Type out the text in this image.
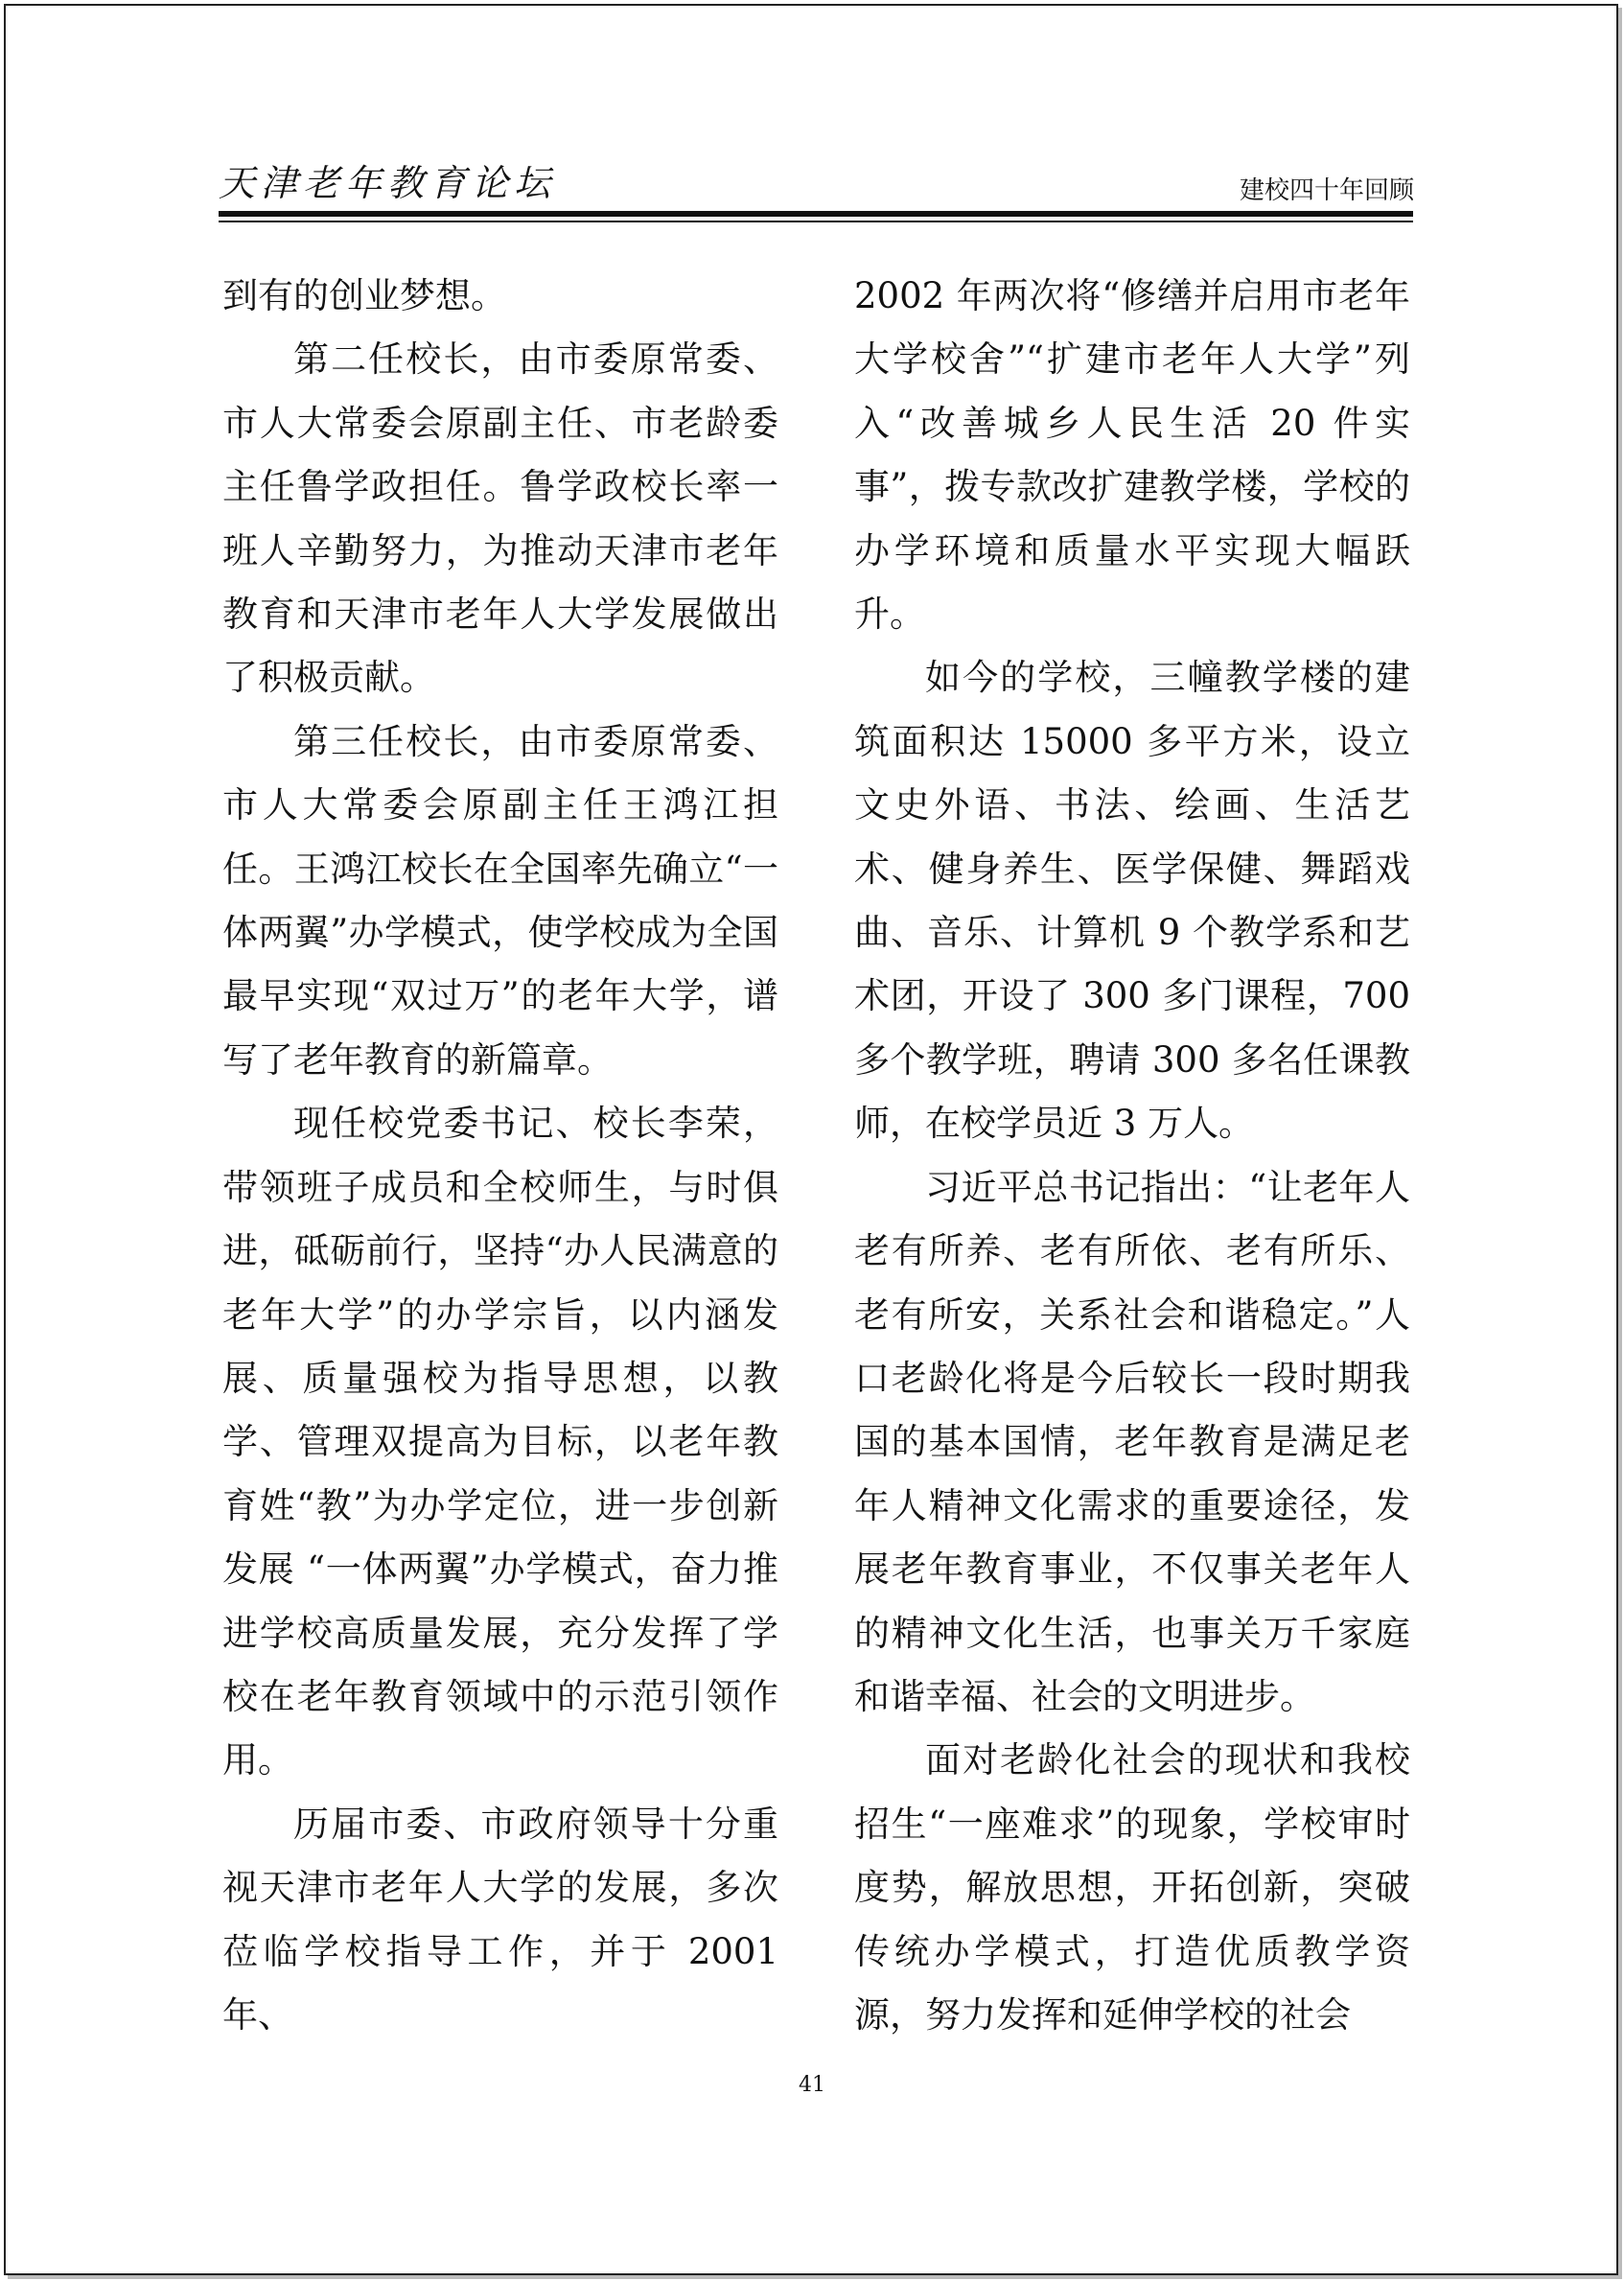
天津老年教育论坛	建校四十年回顾

到有的创业梦想。

第二任校长，由市委原常委、市人大常委会原副主任、市老龄委主任鲁学政担任。鲁学政校长率一班人辛勤努力，为推动天津市老年教育和天津市老年人大学发展做出了积极贡献。

第三任校长，由市委原常委、市人大常委会原副主任王鸿江担任。王鸿江校长在全国率先确立“一体两翼”办学模式，使学校成为全国最早实现“双过万”的老年大学，谱写了老年教育的新篇章。

现任校党委书记、校长李荣，带领班子成员和全校师生，与时俱进，砥砺前行，坚持“办人民满意的老年大学”的办学宗旨，以内涵发展、质量强校为指导思想，以教学、管理双提高为目标，以老年教育姓“教”为办学定位，进一步创新发展 “一体两翼”办学模式，奋力推进学校高质量发展，充分发挥了学校在老年教育领域中的示范引领作用。

历届市委、市政府领导十分重视天津市老年人大学的发展，多次莅临学校指导工作，并于 2001 年、

2002 年两次将“修缮并启用市老年大学校舍”“扩建市老年人大学”列入“改善城乡人民生活 20 件实事”，拨专款改扩建教学楼，学校的办学环境和质量水平实现大幅跃升。

如今的学校，三幢教学楼的建筑面积达 15000 多平方米，设立文史外语、书法、绘画、生活艺术、健身养生、医学保健、舞蹈戏曲、音乐、计算机 9 个教学系和艺术团，开设了 300 多门课程，700 多个教学班，聘请 300 多名任课教师，在校学员近 3 万人。

习近平总书记指出：“让老年人老有所养、老有所依、老有所乐、老有所安，关系社会和谐稳定。”人口老龄化将是今后较长一段时期我国的基本国情，老年教育是满足老年人精神文化需求的重要途径，发展老年教育事业，不仅事关老年人的精神文化生活，也事关万千家庭和谐幸福、社会的文明进步。

面对老龄化社会的现状和我校招生“一座难求”的现象，学校审时度势，解放思想，开拓创新，突破传统办学模式，打造优质教学资源，努力发挥和延伸学校的社会

41
